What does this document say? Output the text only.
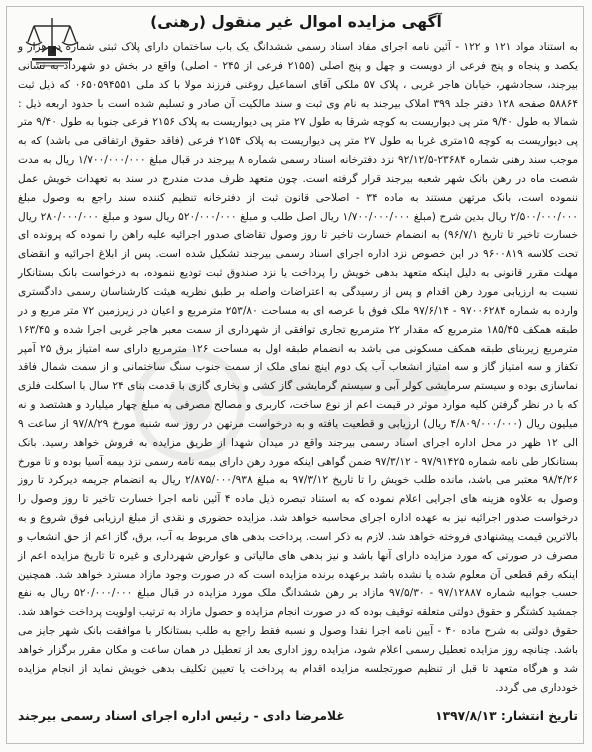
آگهی مزایده اموال غیر منقول (رهنی)
به استناد مواد ۱۲۱ و ۱۲۲ - آئین نامه اجرای مفاد اسناد رسمی ششدانگ یک باب ساختمان دارای پلاک ثبتی شماره دو هزار و یکصد و پنجاه و پنج فرعی از دویست و چهل و پنج اصلی (۲۱۵۵ فرعی از ۲۴۵ - اصلی) واقع در بخش دو شهرداد به نشانی بیرجند، سجادشهر، خیابان هاجر غربی ، پلاک ۵۷ ملکی آقای اسماعیل روغنی فرزند مولا با کد ملی ۰۶۵۰۵۹۴۵۵۱ که ذیل ثبت ۵۸۸۶۴ صفحه ۱۲۸ دفتر جلد ۳۹۹ املاک بیرجند به نام وی ثبت و سند مالکیت آن صادر و تسلیم شده است با حدود اربعه ذیل : شمالا به طول ۹/۴۰ متر پی دیواریست به کوچه شرقا به طول ۲۷ متر پی دیواریست به پلاک ۲۱۵۶ فرعی جنوبا به طول ۹/۴۰ متر پی دیواریست به کوچه ۱۵متری غربا به طول ۲۷ متر پی دیواریست به پلاک ۲۱۵۴ فرعی (فاقد حقوق ارتفاقی می باشد) که به موجب سند رهنی شماره ۲۳۶۸۴-۹۲/۱۲/۵ نزد دفترخانه اسناد رسمی شماره ۸ بیرجند در قبال مبلغ ۱/۷۰۰/۰۰۰/۰۰۰ ریال به مدت شصت ماه در رهن بانک شهر شعبه بیرجند قرار گرفته است. چون متعهد ظرف مدت مندرج در سند به تعهدات خویش عمل ننموده است، بانک مرتهن مستند به ماده ۳۴ - اصلاحی قانون ثبت از دفترخانه تنظیم کننده سند راجع به وصول مبلغ ۲/۵۰۰/۰۰۰/۰۰۰ ریال بدین شرح (مبلغ ۱/۷۰۰/۰۰۰/۰۰۰ ریال اصل طلب و مبلغ ۵۲۰/۰۰۰/۰۰۰ ریال سود و مبلغ ۲۸۰/۰۰۰/۰۰۰ ریال خسارت تاخیر تا تاریخ ۹۶/۷/۱) به انضمام خسارت تاخیر تا روز وصول تقاضای صدور اجرائیه علیه راهن را نموده که پرونده ای تحت کلاسه ۹۶۰۰۸۱۹ در این خصوص نزد اداره اجرای اسناد رسمی بیرجند تشکیل شده است. پس از ابلاغ اجرائیه و انقضای مهلت مقرر قانونی به دلیل اینکه متعهد بدهی خویش را پرداخت یا نزد صندوق ثبت تودیع ننموده، به درخواست بانک بستانکار نسبت به ارزیابی مورد رهن اقدام و پس از رسیدگی به اعتراضات واصله بر طبق نظریه هیئت کارشناسان رسمی دادگستری وارده به شماره ۹۷۰۰۶۲۸۴ - ۹۷/۶/۱۴ ملک فوق با عرصه ای به مساحت ۲۵۳/۸۰ مترمربع و اعیان در زیرزمین ۷۲ متر مربع و در طبقه همکف ۱۸۵/۴۵ مترمربع که مقدار ۲۲ مترمربع تجاری توافقی از شهرداری از سمت معبر هاجر غربی اجرا شده و ۱۶۳/۴۵ مترمربع زیربنای طبقه همکف مسکونی می باشد به انضمام طبقه اول به مساحت ۱۲۶ مترمربع دارای سه امتیاز برق ۲۵ آمپر تکفاز و سه امتیاز گاز و سه امتیاز انشعاب آب یک دوم اینچ نمای ملک از سمت جنوب سنگ ساختمانی و از سمت شمال فاقد نماسازی بوده و سیستم سرمایشی کولر آبی و سیستم گرمایشی گاز کشی و بخاری گازی با قدمت بنای ۲۴ سال با اسکلت فلزی که با در نظر گرفتن کلیه موارد موثر در قیمت اعم از نوع ساخت، کاربری و مصالح مصرفی به مبلغ چهار میلیارد و هشتصد و نه میلیون ریال (۴/۸۰۹/۰۰۰/۰۰۰ ریال) ارزیابی و قطعیت یافته و به درخواست مرتهن در روز سه شنبه مورخ ۹۷/۸/۲۹ از ساعت ۹ الی ۱۲ ظهر در محل اداره اجرای اسناد رسمی بیرجند واقع در میدان شهدا از طریق مزایده به فروش خواهد رسید. بانک بستانکار طی نامه شماره ۹۷/۹۱۴۲۵ - ۹۷/۳/۱۲ ضمن گواهی اینکه مورد رهن دارای بیمه نامه رسمی نزد بیمه آسیا بوده و تا مورخ ۹۸/۴/۲۶ معتبر می باشد، مانده طلب خویش را تا تاریخ ۹۷/۳/۱۲ به مبلغ ۲/۸۷۵/۰۰۰/۹۳۸ ریال به انضمام جریمه دیرکرد تا روز وصول به علاوه هزینه های اجرایی اعلام نموده که به استناد تبصره ذیل ماده ۴ آئین نامه اجرا خسارت تاخیر تا روز وصول را درخواست صدور اجرائیه نیز به عهده اداره اجرای محاسبه خواهد شد. مزایده حضوری و نقدی از مبلغ ارزیابی فوق شروع و به بالاترین قیمت پیشنهادی فروخته خواهد شد. لازم به ذکر است. پرداخت بدهی های مربوط به آب، برق، گاز اعم از حق انشعاب و مصرف در صورتی که مورد مزایده دارای آنها باشد و نیز بدهی های مالیاتی و عوارض شهرداری و غیره تا تاریخ مزایده اعم از اینکه رقم قطعی آن معلوم شده یا نشده باشد برعهده برنده مزایده است که در صورت وجود مازاد مسترد خواهد شد. همچنین حسب جوابیه شماره ۹۷/۱۲۸۸۷ - ۹۷/۵/۳۰ مازاد بر رهن ششدانگ ملک مورد مزایده در قبال مبلغ ۵۲۰/۰۰۰/۰۰۰ ریال به نفع جمشید کشتگر و حقوق دولتی متعلقه توقیف بوده که در صورت انجام مزایده و حصول مازاد به ترتیب اولویت پرداخت خواهد شد. حقوق دولتی به شرح ماده ۴۰ - آیین نامه اجرا نقدا وصول و نسبه فقط راجع به طلب بستانکار با موافقت بانک شهر جایز می باشد. چنانچه روز مزایده تعطیل رسمی اعلام شود، مزایده روز اداری بعد از تعطیل در همان ساعت و مکان مقرر برگزار خواهد شد و هرگاه متعهد تا قبل از تنظیم صورتجلسه مزایده اقدام به پرداخت یا تعیین تکلیف بدهی خویش نماید از انجام مزایده خودداری می گردد.
تاریخ انتشار: ۱۳۹۷/۸/۱۳
غلامرضا دادی - رئیس اداره اجرای اسناد رسمی بیرجند
